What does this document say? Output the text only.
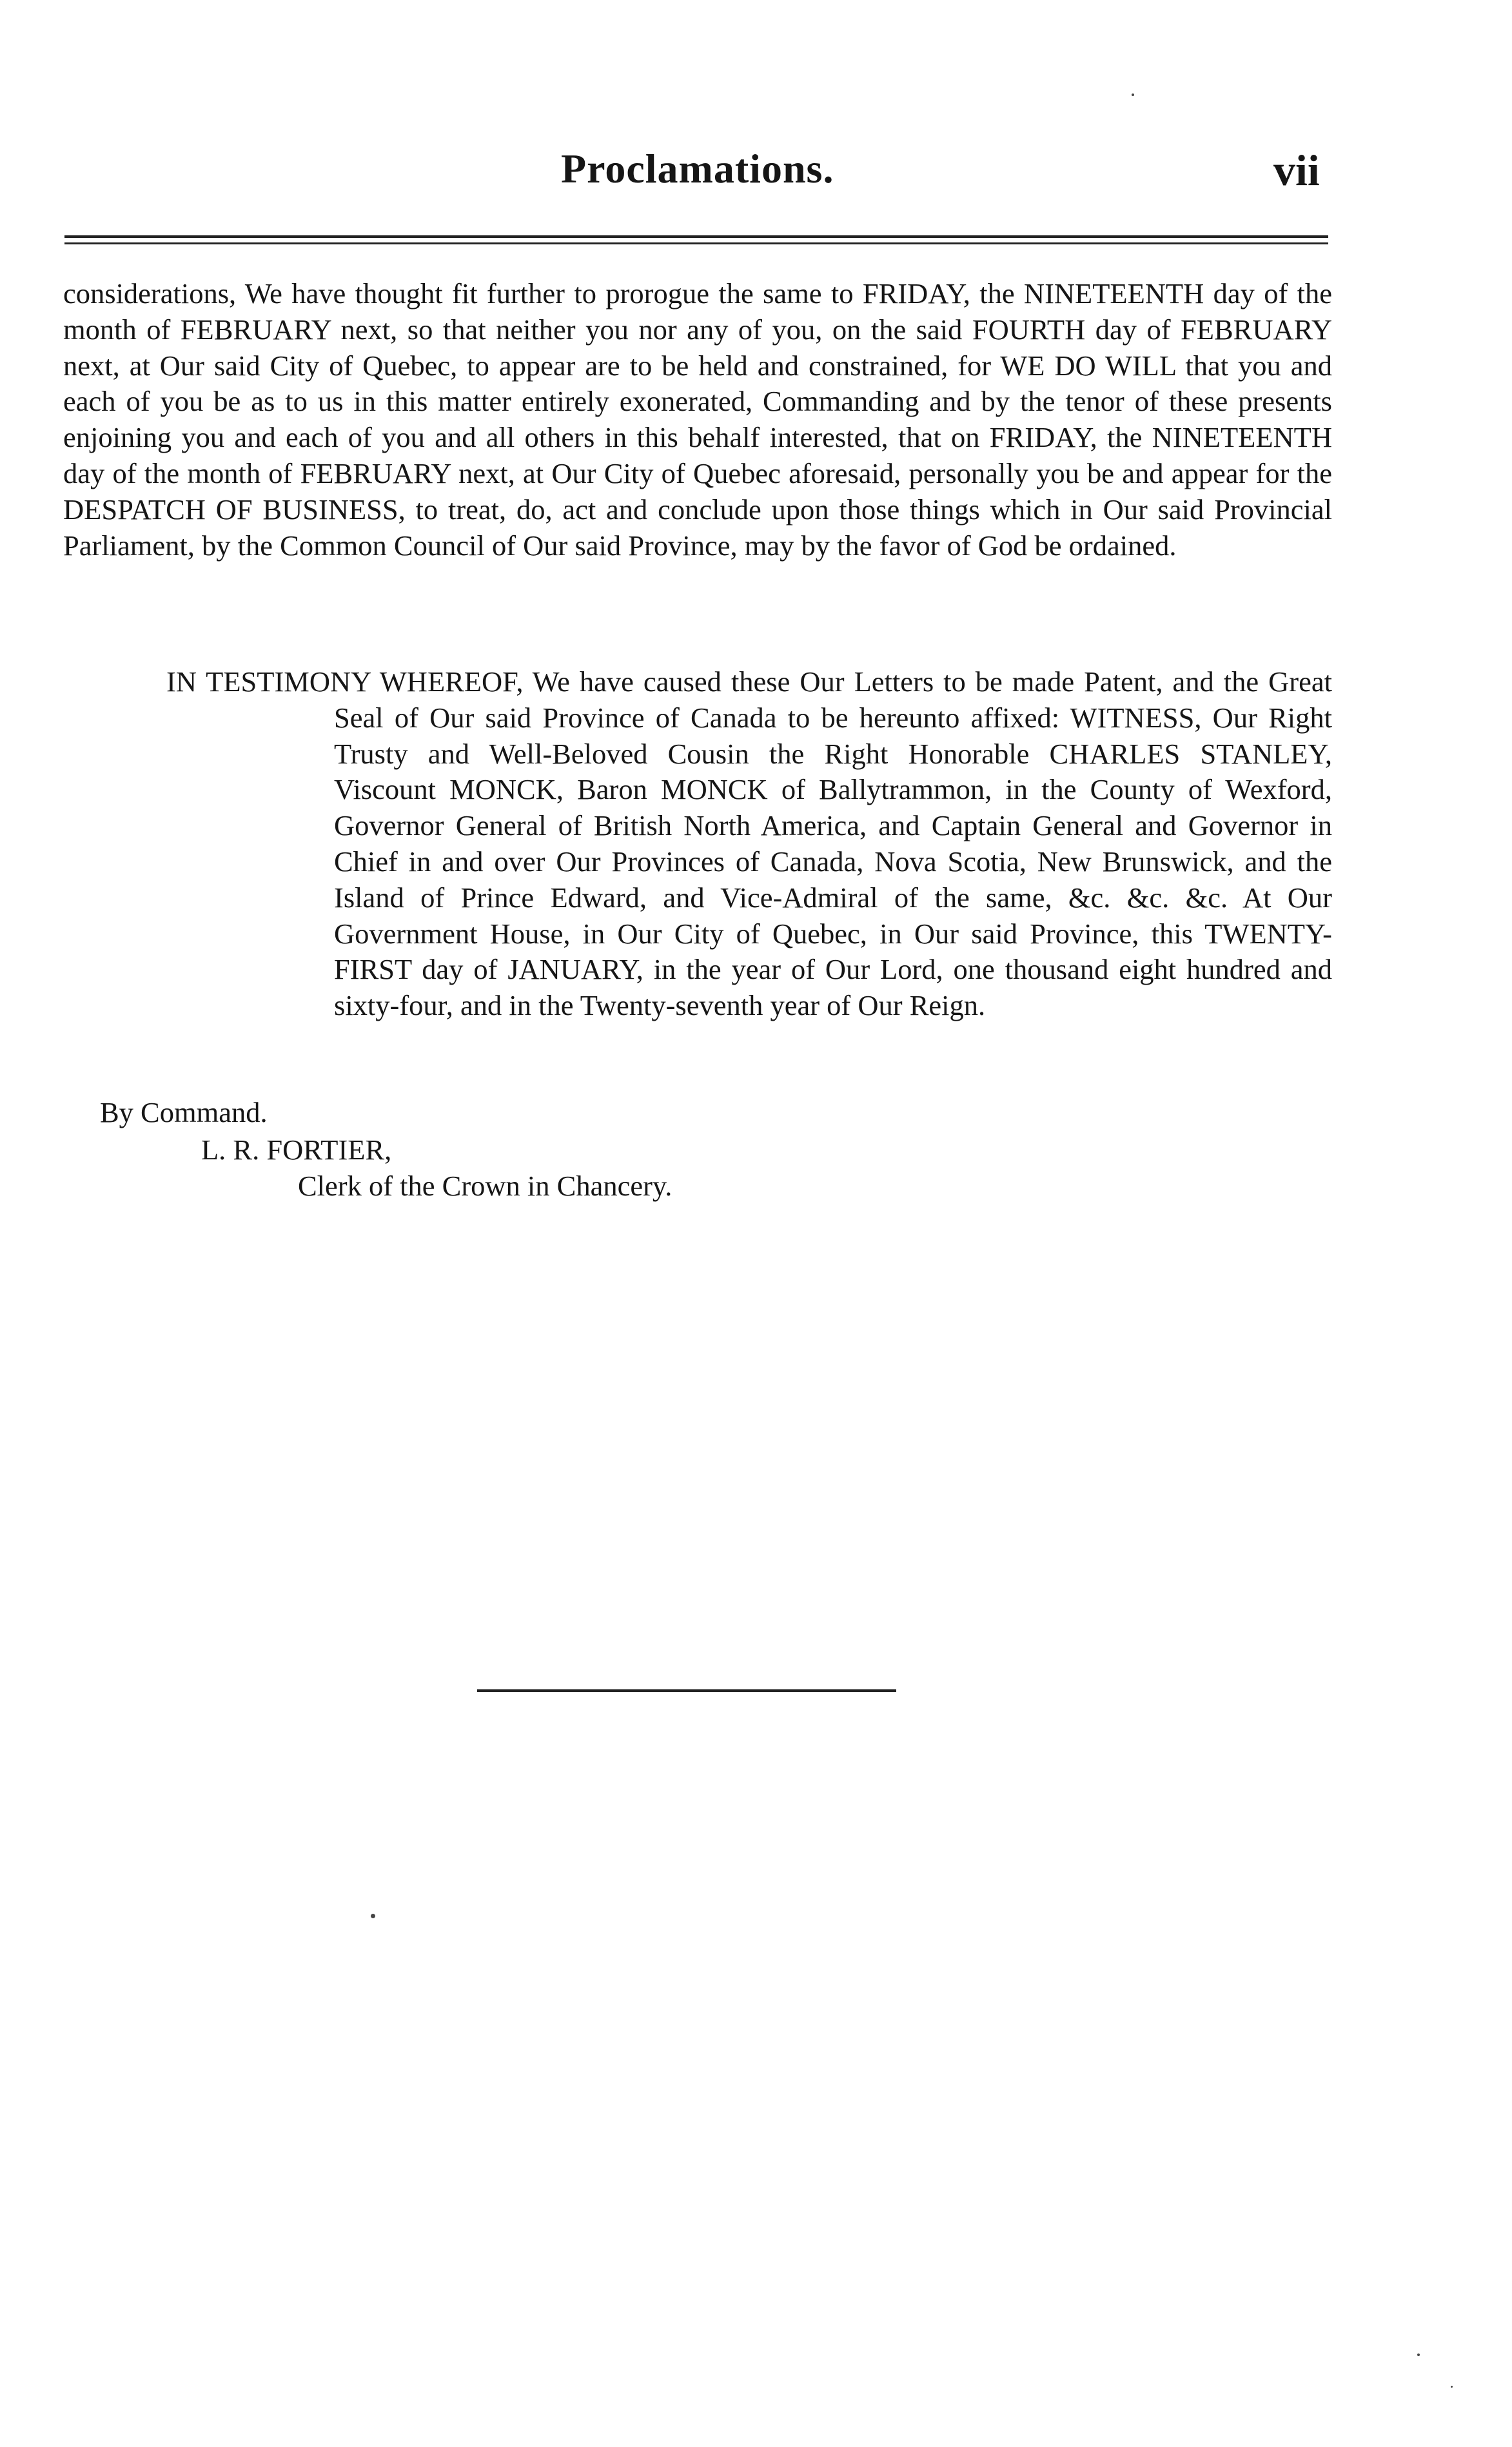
Proclamations.	vii

considerations, We have thought fit further to prorogue the same to FRIDAY, the NINETEENTH day of the month of FEBRUARY next, so that neither you nor any of you, on the said FOURTH day of FEBRUARY next, at Our said City of Quebec, to appear are to be held and constrained, for WE DO WILL that you and each of you be as to us in this matter entirely exonerated, Commanding and by the tenor of these presents enjoining you and each of you and all others in this behalf interested, that on FRIDAY, the NINETEENTH day of the month of FEBRUARY next, at Our City of Quebec aforesaid, personally you be and appear for the DESPATCH OF BUSINESS, to treat, do, act and conclude upon those things which in Our said Provincial Parliament, by the Common Council of Our said Province, may by the favor of God be ordained.

IN TESTIMONY WHEREOF, We have caused these Our Letters to be made Patent, and the Great Seal of Our said Province of Canada to be hereunto affixed: WITNESS, Our Right Trusty and Well-Beloved Cousin the Right Honorable CHARLES STANLEY, Viscount MONCK, Baron MONCK of Ballytrammon, in the County of Wexford, Governor General of British North America, and Captain General and Governor in Chief in and over Our Provinces of Canada, Nova Scotia, New Brunswick, and the Island of Prince Edward, and Vice-Admiral of the same, &c. &c. &c. At Our Government House, in Our City of Quebec, in Our said Province, this TWENTY-FIRST day of JANUARY, in the year of Our Lord, one thousand eight hundred and sixty-four, and in the Twenty-seventh year of Our Reign.

By Command.

L. R. FORTIER,

Clerk of the Crown in Chancery.
